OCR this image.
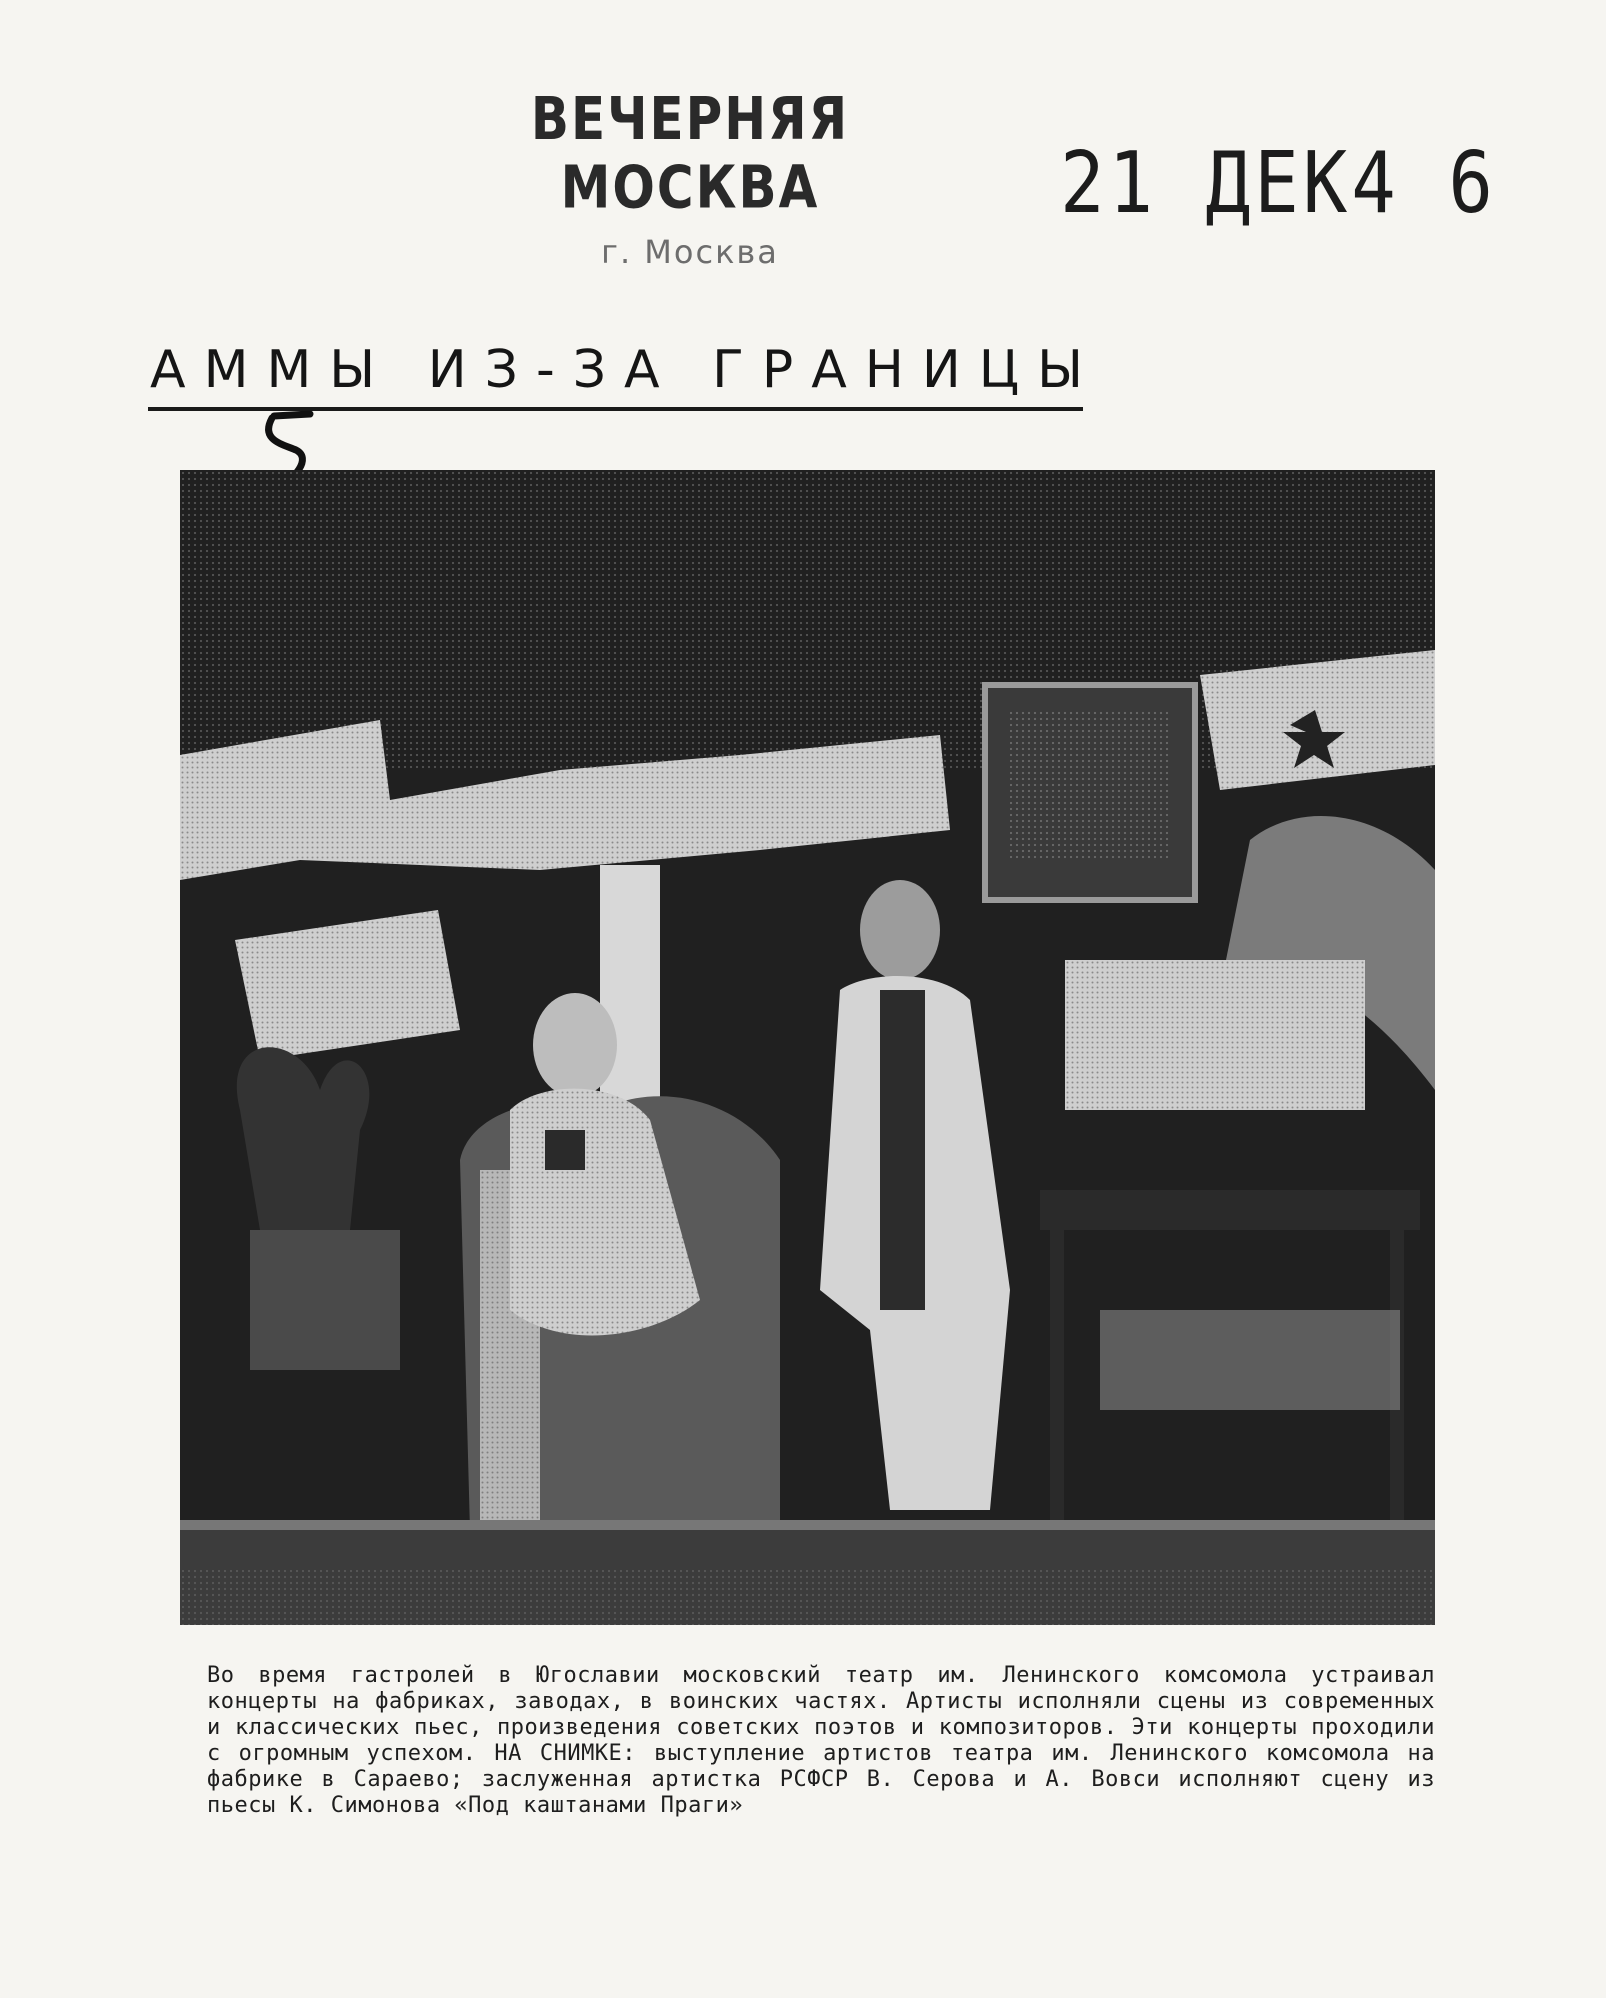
ВЕЧЕРНЯЯ МОСКВА
г. Москва
21 ДЕК4 6
АММЫ ИЗ-ЗА ГРАНИЦЫ
Во время гастролей в Югославии московский театр им. Ленинского комсомола устраивал концерты на фабриках, заводах, в воинских частях. Артисты исполняли сцены из современных и классических пьес, произведения советских поэтов и композиторов. Эти концерты проходили с огромным успехом. НА СНИМКЕ: выступление артистов театра им. Ленинского комсомола на фабрике в Сараево; заслуженная артистка РСФСР В. Серова и А. Вовси исполняют сцену из пьесы К. Симонова «Под каштанами Праги»
